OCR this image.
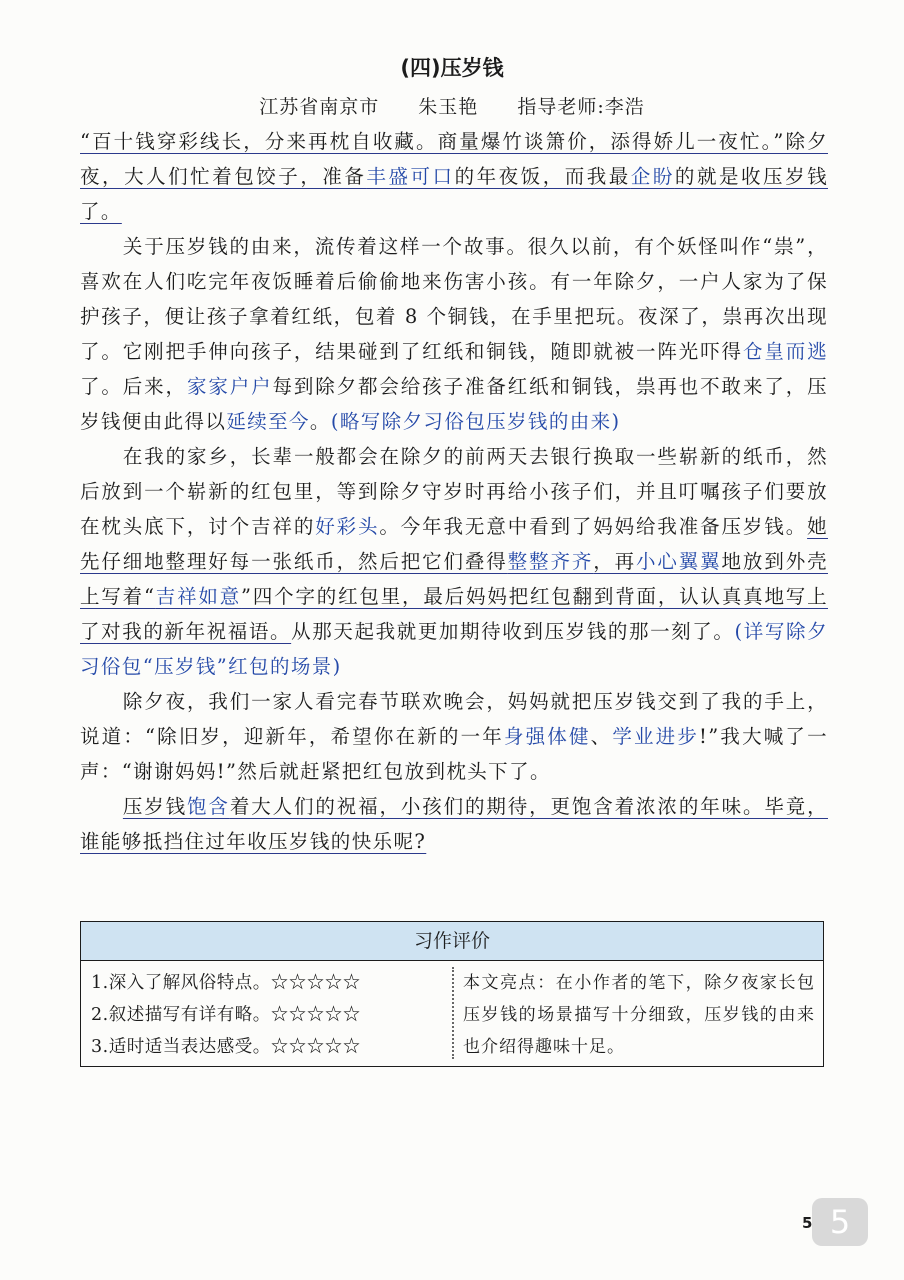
(四)压岁钱
江苏省南京市 朱玉艳 指导老师:李浩

“百十钱穿彩线长，分来再枕自收藏。商量爆竹谈箫价，添得娇儿一夜忙。”除夕夜，大人们忙着包饺子，准备丰盛可口的年夜饭，而我最企盼的就是收压岁钱了。

关于压岁钱的由来，流传着这样一个故事。很久以前，有个妖怪叫作“祟”，喜欢在人们吃完年夜饭睡着后偷偷地来伤害小孩。有一年除夕，一户人家为了保护孩子，便让孩子拿着红纸，包着 8 个铜钱，在手里把玩。夜深了，祟再次出现了。它刚把手伸向孩子，结果碰到了红纸和铜钱，随即就被一阵光吓得仓皇而逃了。后来，家家户户每到除夕都会给孩子准备红纸和铜钱，祟再也不敢来了，压岁钱便由此得以延续至今。(略写除夕习俗包压岁钱的由来)

在我的家乡，长辈一般都会在除夕的前两天去银行换取一些崭新的纸币，然后放到一个崭新的红包里，等到除夕守岁时再给小孩子们，并且叮嘱孩子们要放在枕头底下，讨个吉祥的好彩头。今年我无意中看到了妈妈给我准备压岁钱。她先仔细地整理好每一张纸币，然后把它们叠得整整齐齐，再小心翼翼地放到外壳上写着“吉祥如意”四个字的红包里，最后妈妈把红包翻到背面，认认真真地写上了对我的新年祝福语。从那天起我就更加期待收到压岁钱的那一刻了。(详写除夕习俗包“压岁钱”红包的场景)

除夕夜，我们一家人看完春节联欢晚会，妈妈就把压岁钱交到了我的手上，说道：“除旧岁，迎新年，希望你在新的一年身强体健、学业进步!”我大喊了一声：“谢谢妈妈!”然后就赶紧把红包放到枕头下了。

压岁钱饱含着大人们的祝福，小孩们的期待，更饱含着浓浓的年味。毕竟，谁能够抵挡住过年收压岁钱的快乐呢?

习作评价
1.深入了解风俗特点。☆☆☆☆☆
2.叙述描写有详有略。☆☆☆☆☆
3.适时适当表达感受。☆☆☆☆☆
本文亮点：在小作者的笔下，除夕夜家长包压岁钱的场景描写十分细致，压岁钱的由来也介绍得趣味十足。
5 5
